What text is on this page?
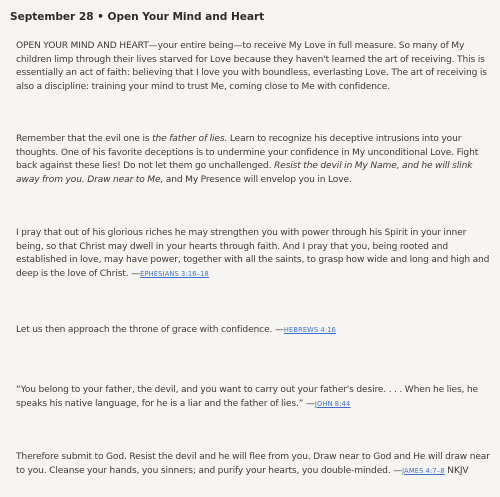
September 28 • Open Your Mind and Heart

OPEN YOUR MIND AND HEART—your entire being—to receive My Love in full measure. So many of My children limp through their lives starved for Love because they haven't learned the art of receiving. This is essentially an act of faith: believing that I love you with boundless, everlasting Love. The art of receiving is also a discipline: training your mind to trust Me, coming close to Me with confidence.

Remember that the evil one is the father of lies. Learn to recognize his deceptive intrusions into your thoughts. One of his favorite deceptions is to undermine your confidence in My unconditional Love. Fight back against these lies! Do not let them go unchallenged. Resist the devil in My Name, and he will slink away from you. Draw near to Me, and My Presence will envelop you in Love.

I pray that out of his glorious riches he may strengthen you with power through his Spirit in your inner being, so that Christ may dwell in your hearts through faith. And I pray that you, being rooted and established in love, may have power, together with all the saints, to grasp how wide and long and high and deep is the love of Christ. —EPHESIANS 3:16–18

Let us then approach the throne of grace with confidence. —HEBREWS 4:16

“You belong to your father, the devil, and you want to carry out your father's desire. . . . When he lies, he speaks his native language, for he is a liar and the father of lies.” —JOHN 8:44

Therefore submit to God. Resist the devil and he will flee from you. Draw near to God and He will draw near to you. Cleanse your hands, you sinners; and purify your hearts, you double-minded. —JAMES 4:7–8 NKJV
